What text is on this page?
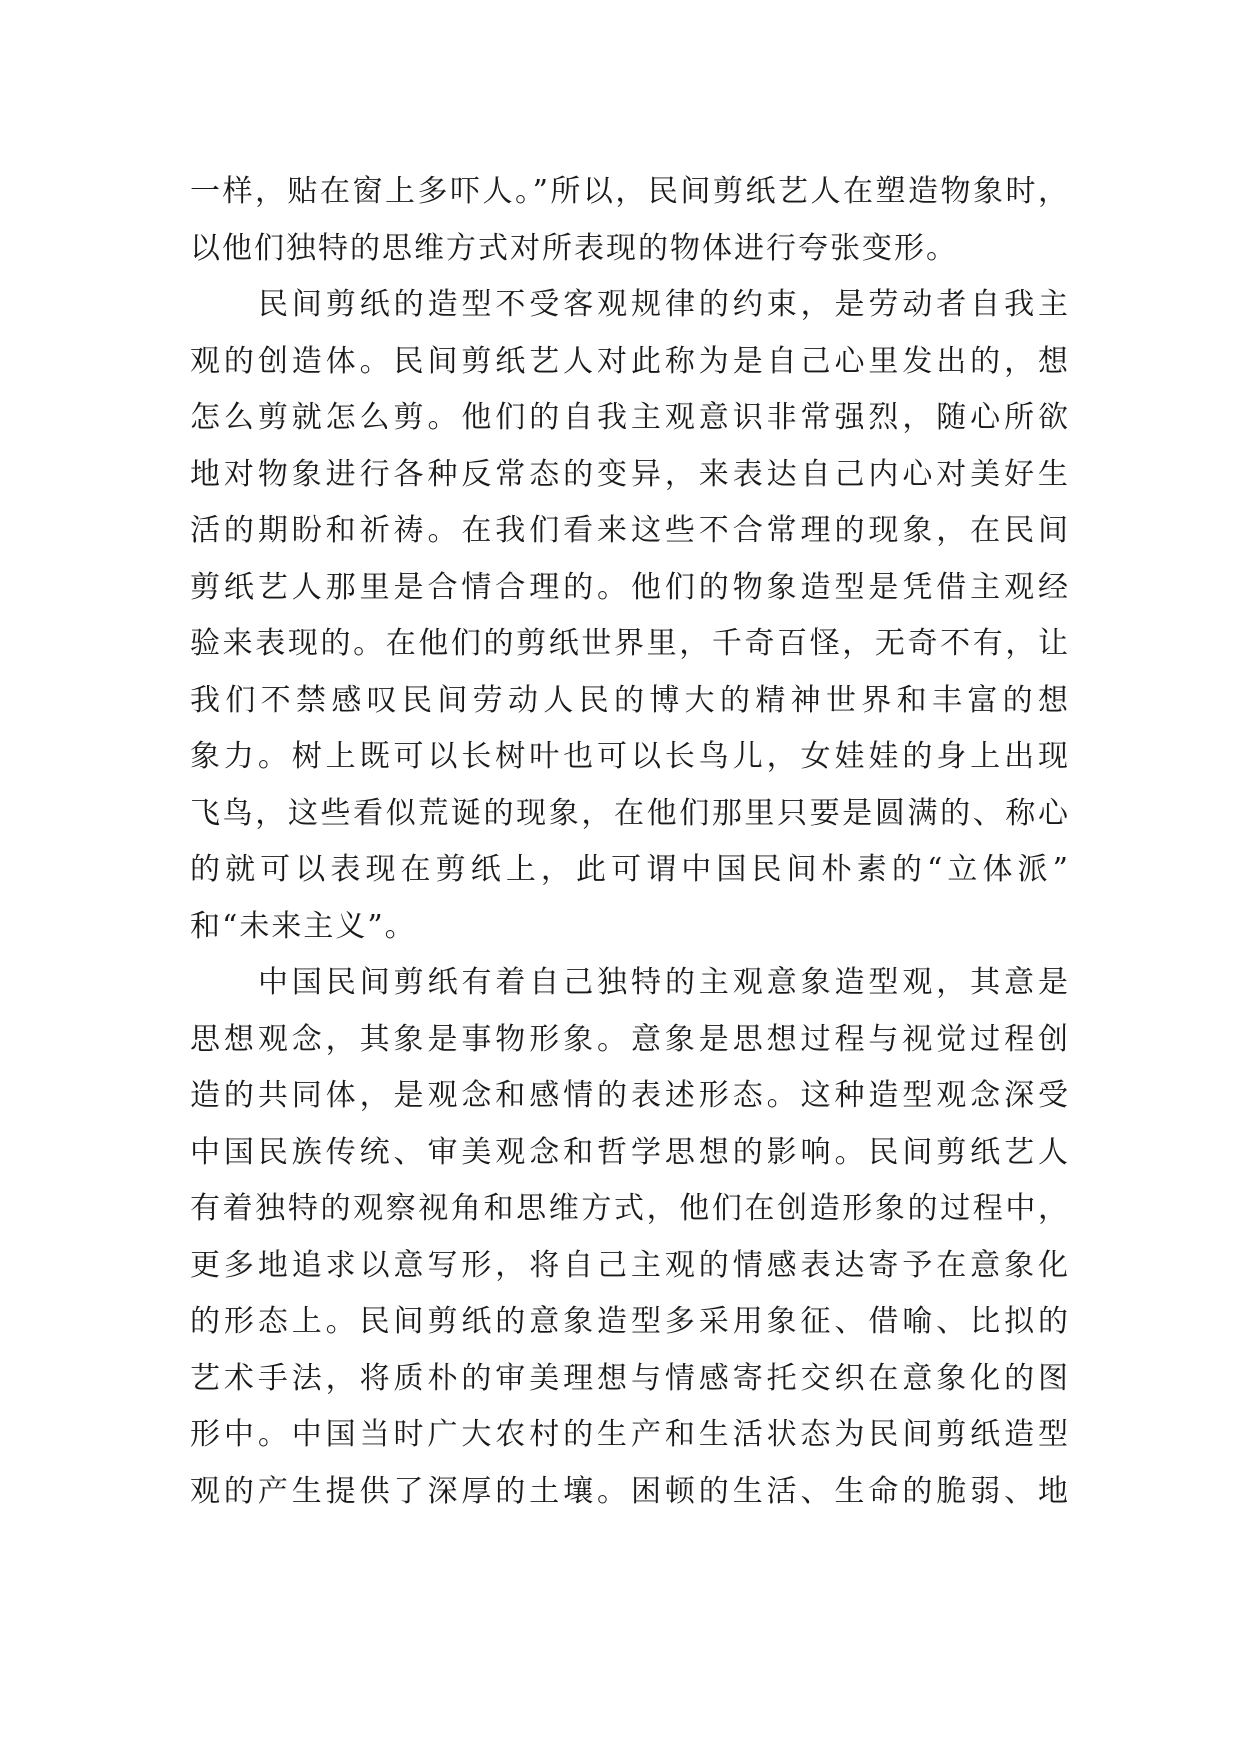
一样，贴在窗上多吓人。”所以，民间剪纸艺人在塑造物象时，
以他们独特的思维方式对所表现的物体进行夸张变形。
民间剪纸的造型不受客观规律的约束，是劳动者自我主
观的创造体。民间剪纸艺人对此称为是自己心里发出的，想
怎么剪就怎么剪。他们的自我主观意识非常强烈，随心所欲
地对物象进行各种反常态的变异，来表达自己内心对美好生
活的期盼和祈祷。在我们看来这些不合常理的现象，在民间
剪纸艺人那里是合情合理的。他们的物象造型是凭借主观经
验来表现的。在他们的剪纸世界里，千奇百怪，无奇不有，让
我们不禁感叹民间劳动人民的博大的精神世界和丰富的想
象力。树上既可以长树叶也可以长鸟儿，女娃娃的身上出现
飞鸟，这些看似荒诞的现象，在他们那里只要是圆满的、称心
的就可以表现在剪纸上，此可谓中国民间朴素的“立体派”
和“未来主义”。
中国民间剪纸有着自己独特的主观意象造型观，其意是
思想观念，其象是事物形象。意象是思想过程与视觉过程创
造的共同体，是观念和感情的表述形态。这种造型观念深受
中国民族传统、审美观念和哲学思想的影响。民间剪纸艺人
有着独特的观察视角和思维方式，他们在创造形象的过程中，
更多地追求以意写形，将自己主观的情感表达寄予在意象化
的形态上。民间剪纸的意象造型多采用象征、借喻、比拟的
艺术手法，将质朴的审美理想与情感寄托交织在意象化的图
形中。中国当时广大农村的生产和生活状态为民间剪纸造型
观的产生提供了深厚的土壤。困顿的生活、生命的脆弱、地
